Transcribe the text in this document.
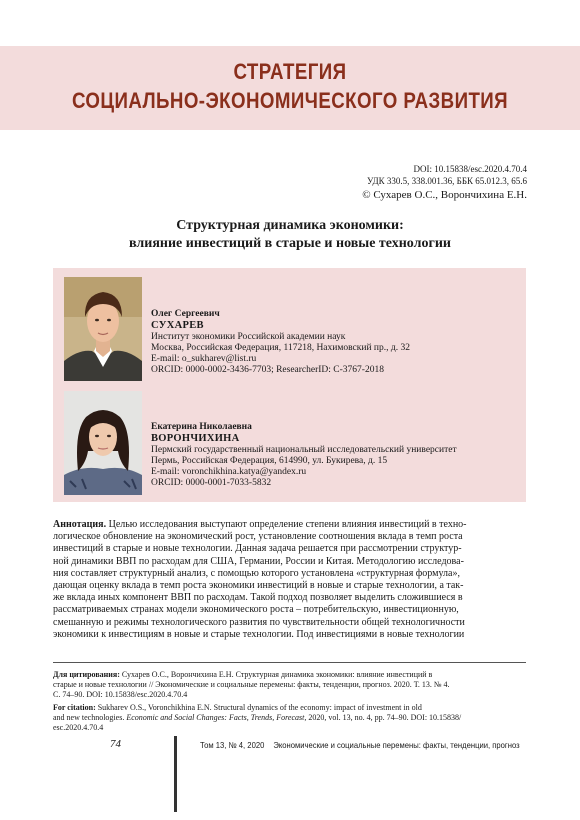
СТРАТЕГИЯ
СОЦИАЛЬНО-ЭКОНОМИЧЕСКОГО РАЗВИТИЯ
DOI: 10.15838/esc.2020.4.70.4
УДК 330.5, 338.001.36, ББК 65.012.3, 65.6
© Сухарев О.С., Ворончихина Е.Н.
Структурная динамика экономики:
влияние инвестиций в старые и новые технологии
Олег Сергеевич
СУХАРЕВ
Институт экономики Российской академии наук
Москва, Российская Федерация, 117218, Нахимовский пр., д. 32
E-mail: o_sukharev@list.ru
ORCID: 0000-0002-3436-7703; ResearcherID: C-3767-2018
Екатерина Николаевна
ВОРОНЧИХИНА
Пермский государственный национальный исследовательский университет
Пермь, Российская Федерация, 614990, ул. Букирева, д. 15
E-mail: voronchikhina.katya@yandex.ru
ORCID: 0000-0001-7033-5832
Аннотация. Целью исследования выступают определение степени влияния инвестиций в техно-
логическое обновление на экономический рост, установление соотношения вклада в темп роста
инвестиций в старые и новые технологии. Данная задача решается при рассмотрении структур-
ной динамики ВВП по расходам для США, Германии, России и Китая. Методологию исследова-
ния составляет структурный анализ, с помощью которого установлена «структурная формула»,
дающая оценку вклада в темп роста экономики инвестиций в новые и старые технологии, а так-
же вклада иных компонент ВВП по расходам. Такой подход позволяет выделить сложившиеся в
рассматриваемых странах модели экономического роста – потребительскую, инвестиционную,
смешанную и режимы технологического развития по чувствительности общей технологичности
экономики к инвестициям в новые и старые технологии. Под инвестициями в новые технологии
Для цитирования: Сухарев О.С., Ворончихина Е.Н. Структурная динамика экономики: влияние инвестиций в
старые и новые технологии // Экономические и социальные перемены: факты, тенденции, прогноз. 2020. Т. 13. № 4.
С. 74–90. DOI: 10.15838/esc.2020.4.70.4
For citation: Sukharev O.S., Voronchikhina E.N. Structural dynamics of the economy: impact of investment in old
and new technologies. Economic and Social Changes: Facts, Trends, Forecast, 2020, vol. 13, no. 4, pp. 74–90. DOI: 10.15838/
esc.2020.4.70.4
74	Том 13, № 4, 2020 Экономические и социальные перемены: факты, тенденции, прогноз
